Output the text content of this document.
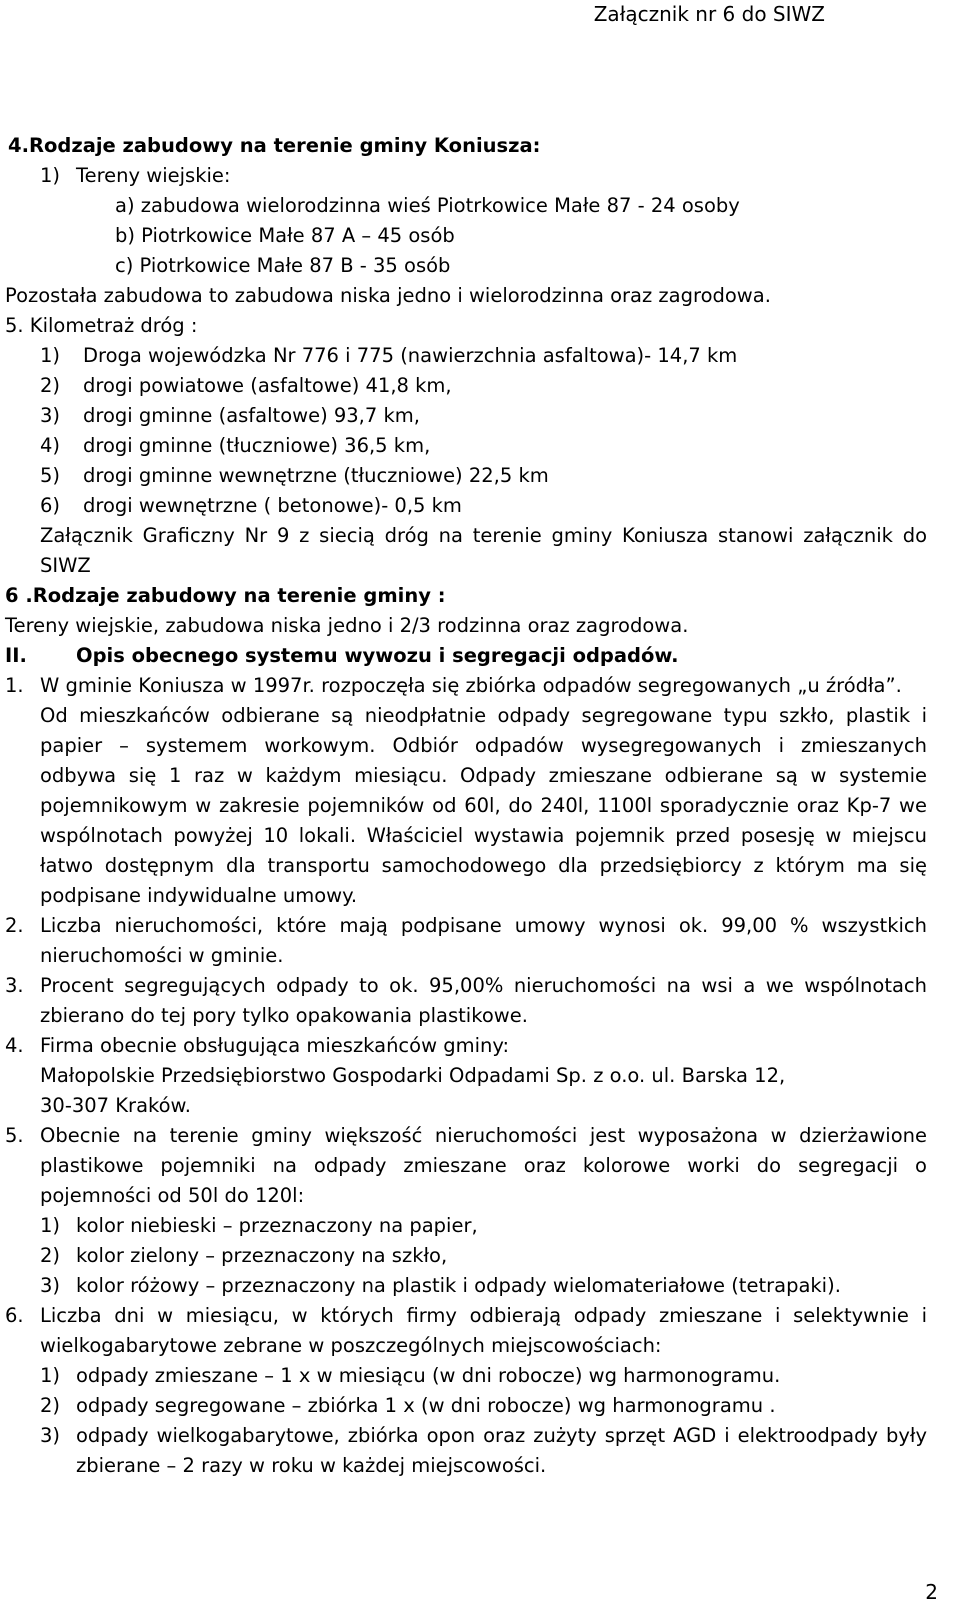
Załącznik nr 6 do SIWZ
4.Rodzaje zabudowy na terenie gminy Koniusza:
1) Tereny wiejskie:
a) zabudowa wielorodzinna wieś Piotrkowice Małe 87 - 24 osoby
b) Piotrkowice Małe 87 A – 45 osób
c) Piotrkowice Małe 87 B - 35 osób
Pozostała zabudowa to zabudowa niska jedno i wielorodzinna oraz zagrodowa.
5. Kilometraż dróg :
1) Droga wojewódzka Nr 776 i 775 (nawierzchnia asfaltowa)- 14,7 km
2) drogi powiatowe (asfaltowe) 41,8 km,
3) drogi gminne (asfaltowe) 93,7 km,
4) drogi gminne (tłuczniowe) 36,5 km,
5) drogi gminne wewnętrzne (tłuczniowe) 22,5 km
6) drogi wewnętrzne ( betonowe)- 0,5 km
Załącznik Graficzny Nr 9 z siecią dróg na terenie gminy Koniusza stanowi załącznik do
SIWZ
6 .Rodzaje zabudowy na terenie gminy :
Tereny wiejskie, zabudowa niska jedno i 2/3 rodzinna oraz zagrodowa.
II.	Opis obecnego systemu wywozu i segregacji odpadów.
1. W gminie Koniusza w 1997r. rozpoczęła się zbiórka odpadów segregowanych „u źródła”.
Od mieszkańców odbierane są nieodpłatnie odpady segregowane typu szkło, plastik i
papier – systemem workowym. Odbiór odpadów wysegregowanych i zmieszanych
odbywa się 1 raz w każdym miesiącu. Odpady zmieszane odbierane są w systemie
pojemnikowym w zakresie pojemników od 60l, do 240l, 1100l sporadycznie oraz Kp-7 we
wspólnotach powyżej 10 lokali. Właściciel wystawia pojemnik przed posesję w miejscu
łatwo dostępnym dla transportu samochodowego dla przedsiębiorcy z którym ma się
podpisane indywidualne umowy.
2. Liczba nieruchomości, które mają podpisane umowy wynosi ok. 99,00 % wszystkich
nieruchomości w gminie.
3. Procent segregujących odpady to ok. 95,00% nieruchomości na wsi a we wspólnotach
zbierano do tej pory tylko opakowania plastikowe.
4. Firma obecnie obsługująca mieszkańców gminy:
Małopolskie Przedsiębiorstwo Gospodarki Odpadami Sp. z o.o. ul. Barska 12,
30-307 Kraków.
5. Obecnie na terenie gminy większość nieruchomości jest wyposażona w dzierżawione
plastikowe pojemniki na odpady zmieszane oraz kolorowe worki do segregacji o
pojemności od 50l do 120l:
1) kolor niebieski – przeznaczony na papier,
2) kolor zielony – przeznaczony na szkło,
3) kolor różowy – przeznaczony na plastik i odpady wielomateriałowe (tetrapaki).
6. Liczba dni w miesiącu, w których firmy odbierają odpady zmieszane i selektywnie i
wielkogabarytowe zebrane w poszczególnych miejscowościach:
1) odpady zmieszane – 1 x w miesiącu (w dni robocze) wg harmonogramu.
2) odpady segregowane – zbiórka 1 x (w dni robocze) wg harmonogramu .
3) odpady wielkogabarytowe, zbiórka opon oraz zużyty sprzęt AGD i elektroodpady były
zbierane – 2 razy w roku w każdej miejscowości.
2
